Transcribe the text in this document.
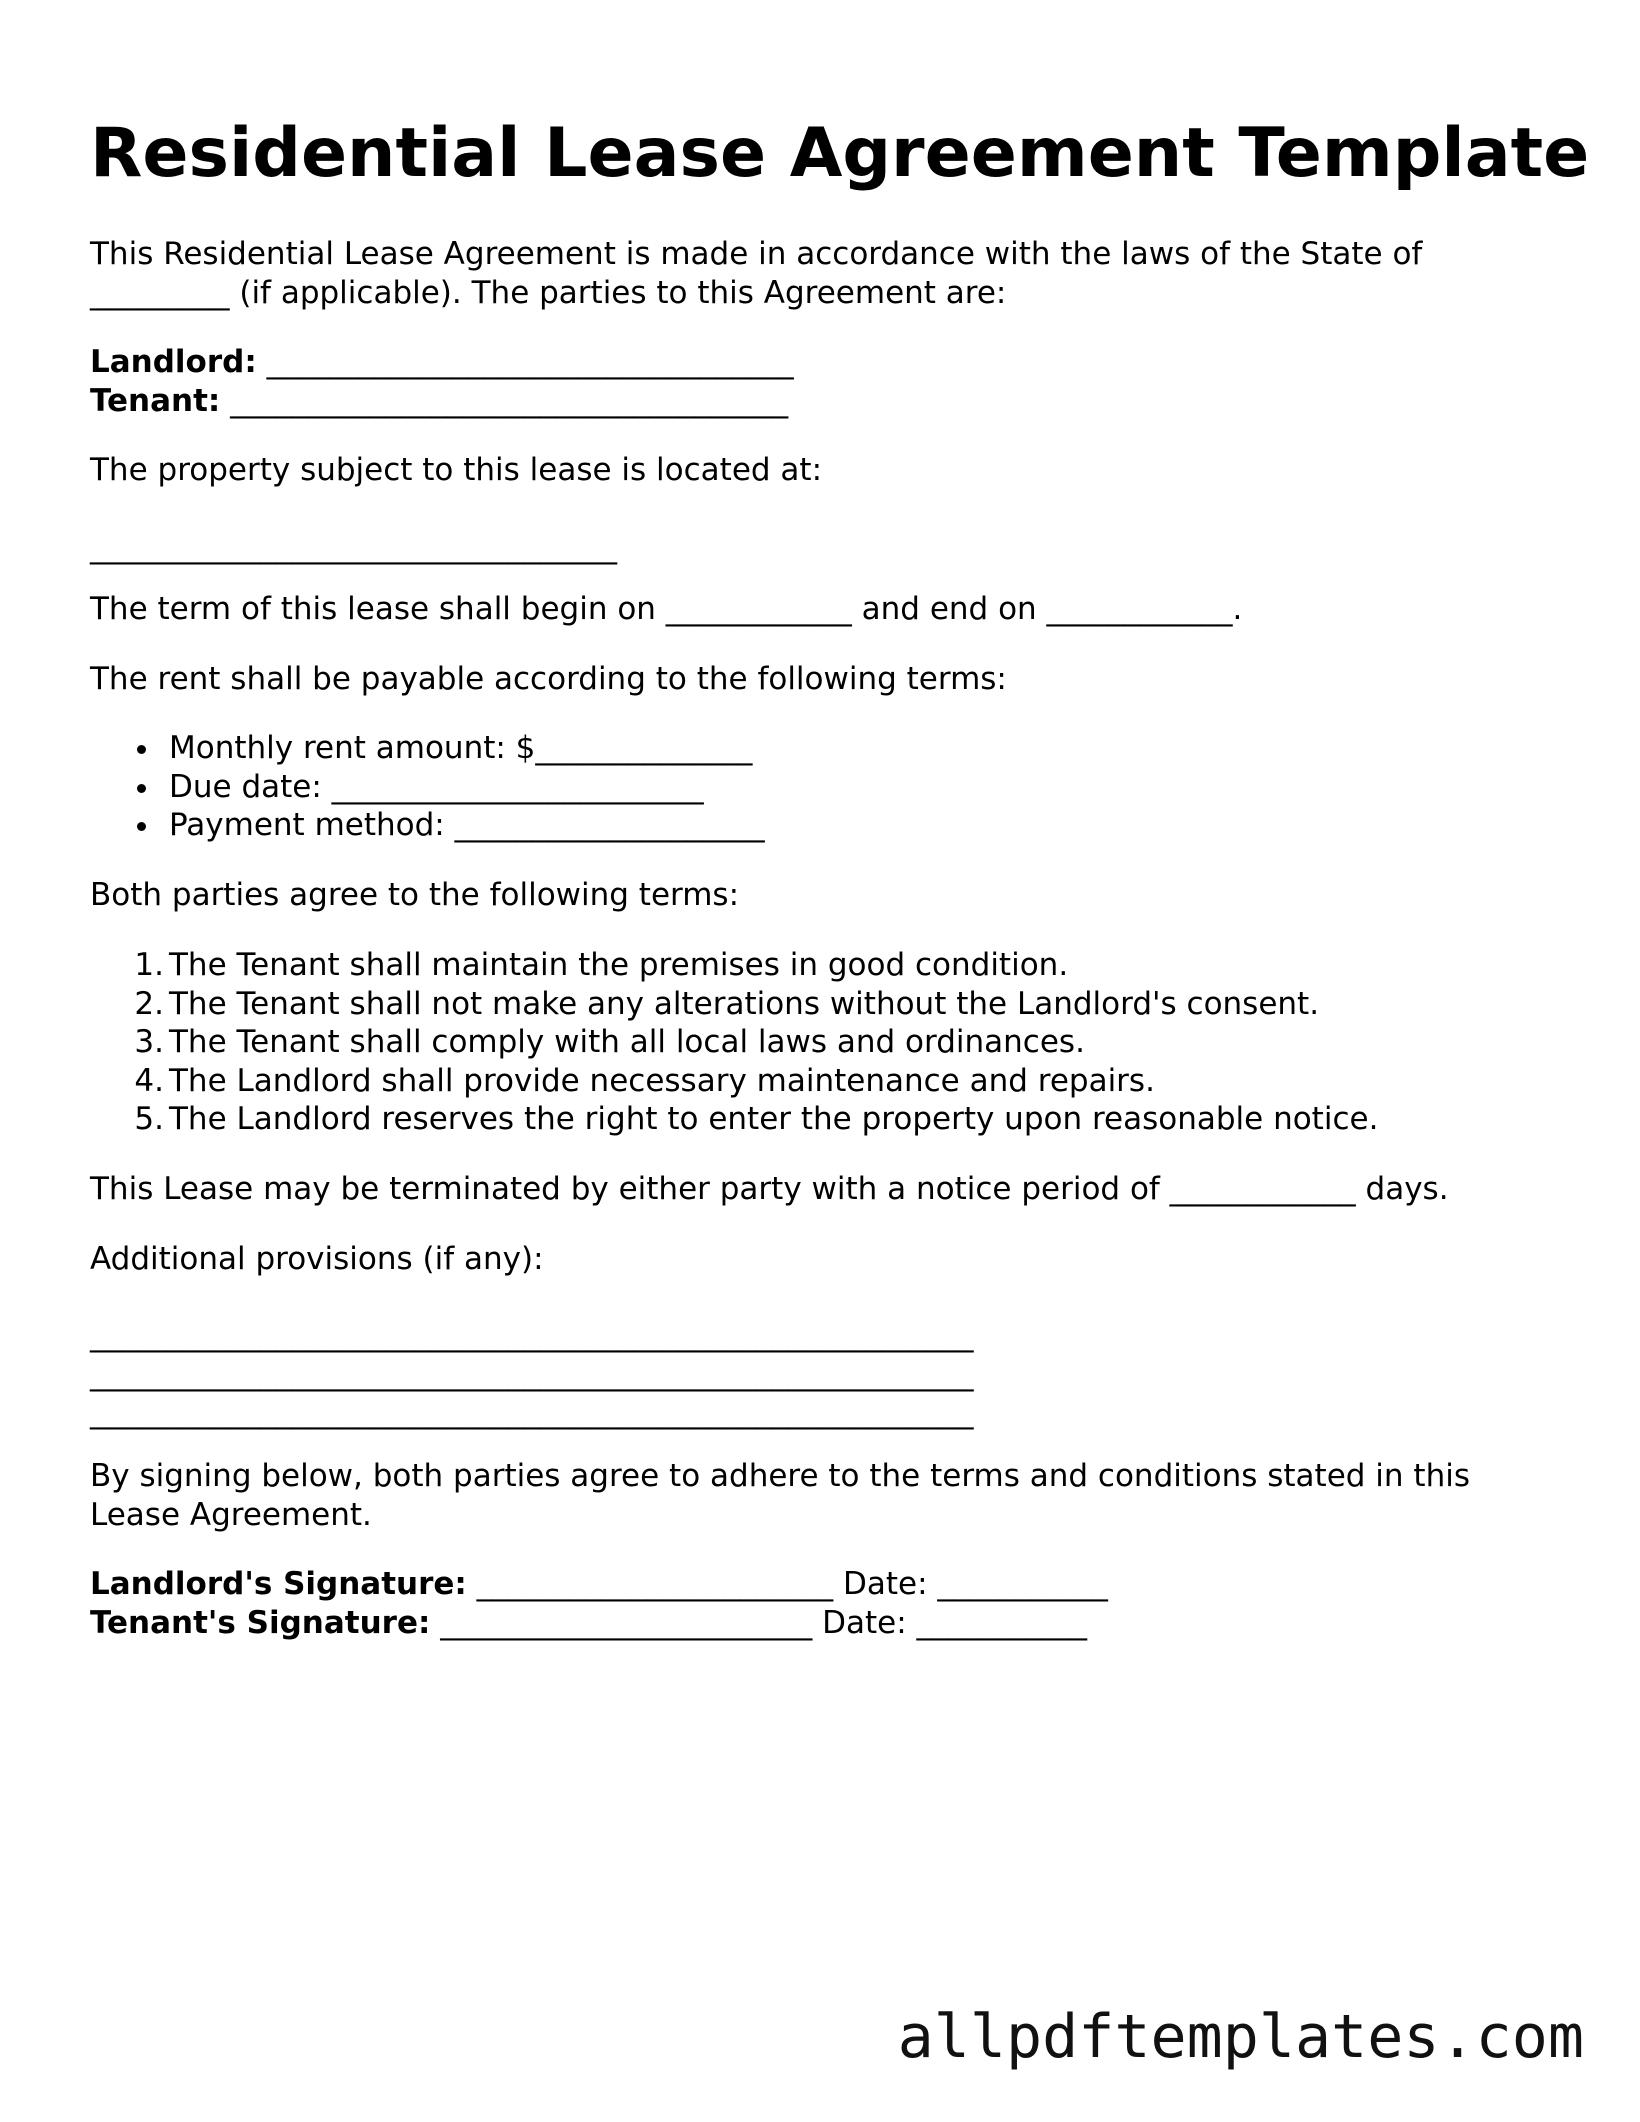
Residential Lease Agreement Template

This Residential Lease Agreement is made in accordance with the laws of the State of
_________ (if applicable). The parties to this Agreement are:

Landlord: __________________________________
Tenant: ____________________________________

The property subject to this lease is located at:

__________________________________

The term of this lease shall begin on ____________ and end on ____________.

The rent shall be payable according to the following terms:

Monthly rent amount: $______________
Due date: ________________________
Payment method: ____________________

Both parties agree to the following terms:

1. The Tenant shall maintain the premises in good condition.
2. The Tenant shall not make any alterations without the Landlord's consent.
3. The Tenant shall comply with all local laws and ordinances.
4. The Landlord shall provide necessary maintenance and repairs.
5. The Landlord reserves the right to enter the property upon reasonable notice.

This Lease may be terminated by either party with a notice period of ____________ days.

Additional provisions (if any):

_________________________________________________________
_________________________________________________________
_________________________________________________________

By signing below, both parties agree to adhere to the terms and conditions stated in this
Lease Agreement.

Landlord's Signature: _______________________ Date: ___________
Tenant's Signature: ________________________ Date: ___________

allpdftemplates.com
